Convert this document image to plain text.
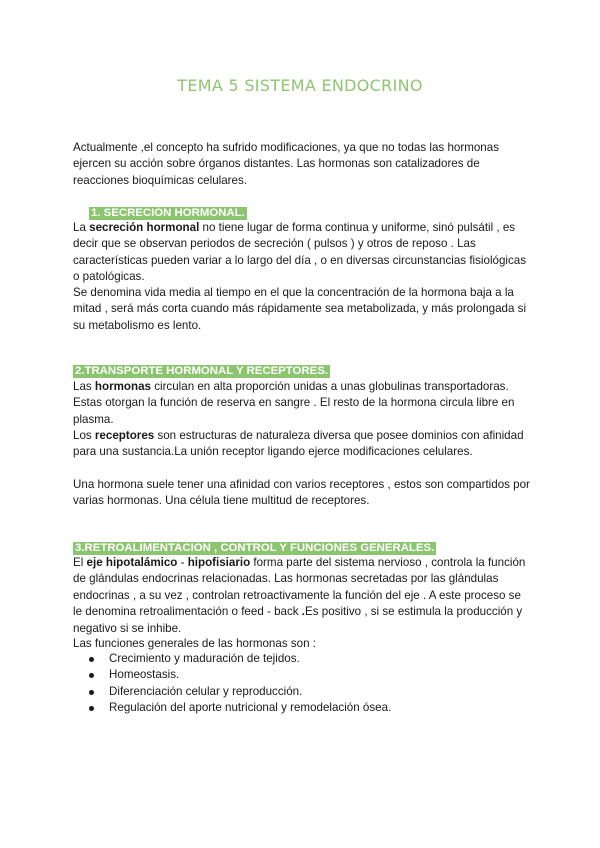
TEMA 5 SISTEMA ENDOCRINO
Actualmente ,el concepto ha sufrido modificaciones, ya que no todas las hormonas ejercen su acción sobre órganos distantes. Las hormonas son catalizadores de reacciones bioquímicas celulares.
1. SECRECIÓN HORMONAL.
La secreción hormonal no tiene lugar de forma continua y uniforme, sinó pulsátil , es decir que se observan periodos de secreción ( pulsos ) y otros de reposo . Las características pueden variar a lo largo del día , o en diversas circunstancias fisiológicas o patológicas.
Se denomina vida media al tiempo en el que la concentración de la hormona baja a la mitad , será más corta cuando más rápidamente sea metabolizada, y más prolongada si su metabolismo es lento.
2.TRANSPORTE HORMONAL Y RECEPTORES.
Las hormonas circulan en alta proporción unidas a unas globulinas transportadoras. Estas otorgan la función de reserva en sangre . El resto de la hormona circula libre en plasma.
Los receptores son estructuras de naturaleza diversa que posee dominios con afinidad para una sustancia.La unión receptor ligando ejerce modificaciones celulares.
Una hormona suele tener una afinidad con varios receptores , estos son compartidos por varias hormonas. Una célula tiene multitud de receptores.
3.RETROALIMENTACIÓN , CONTROL Y FUNCIONES GENERALES.
El eje hipotalámico - hipofisiario forma parte del sistema nervioso , controla la función de glándulas endocrinas relacionadas. Las hormonas secretadas por las glándulas endocrinas , a su vez , controlan retroactivamente la función del eje . A este proceso se le denomina retroalimentación o feed - back .Es positivo , si se estimula la producción y negativo si se inhibe.
Las funciones generales de las hormonas son :
Crecimiento y maduración de tejidos.
Homeostasis.
Diferenciación celular y reproducción.
Regulación del aporte nutricional y remodelación ósea.
